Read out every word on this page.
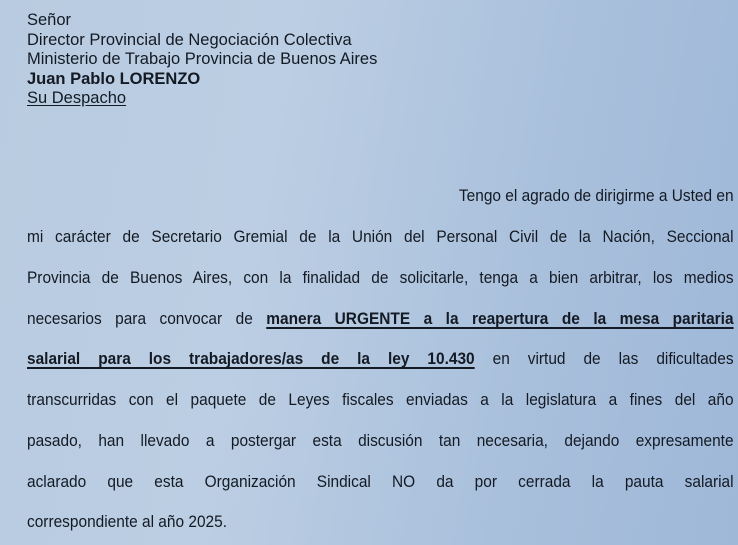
Señor
Director Provincial de Negociación Colectiva
Ministerio de Trabajo Provincia de Buenos Aires
Juan Pablo LORENZO
Su Despacho
Tengo el agrado de dirigirme a Usted en
mi carácter de Secretario Gremial de la Unión del Personal Civil de la Nación, Seccional
Provincia de Buenos Aires, con la finalidad de solicitarle, tenga a bien arbitrar, los medios
necesarios para convocar de manera URGENTE a la reapertura de la mesa paritaria
salarial para los trabajadores/as de la ley 10.430 en virtud de las dificultades
transcurridas con el paquete de Leyes fiscales enviadas a la legislatura a fines del año
pasado, han llevado a postergar esta discusión tan necesaria, dejando expresamente
aclarado que esta Organización Sindical NO da por cerrada la pauta salarial
correspondiente al año 2025.
